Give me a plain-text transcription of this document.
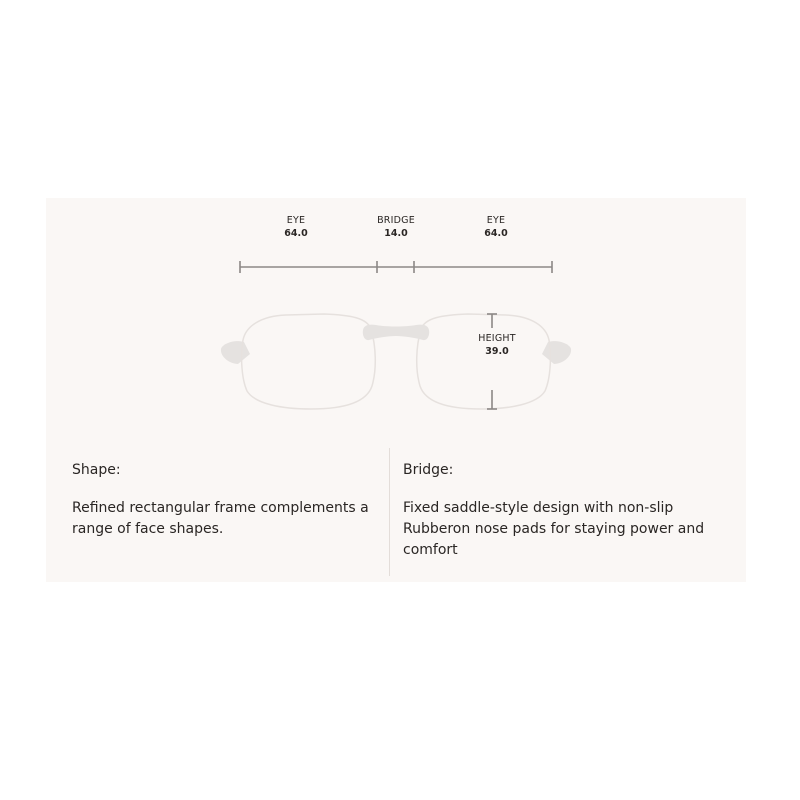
EYE
64.0
BRIDGE
14.0
EYE
64.0
HEIGHT
39.0
Shape:
Refined rectangular frame complements a range of face shapes.
Bridge:
Fixed saddle-style design with non-slip Rubberon nose pads for staying power and comfort
